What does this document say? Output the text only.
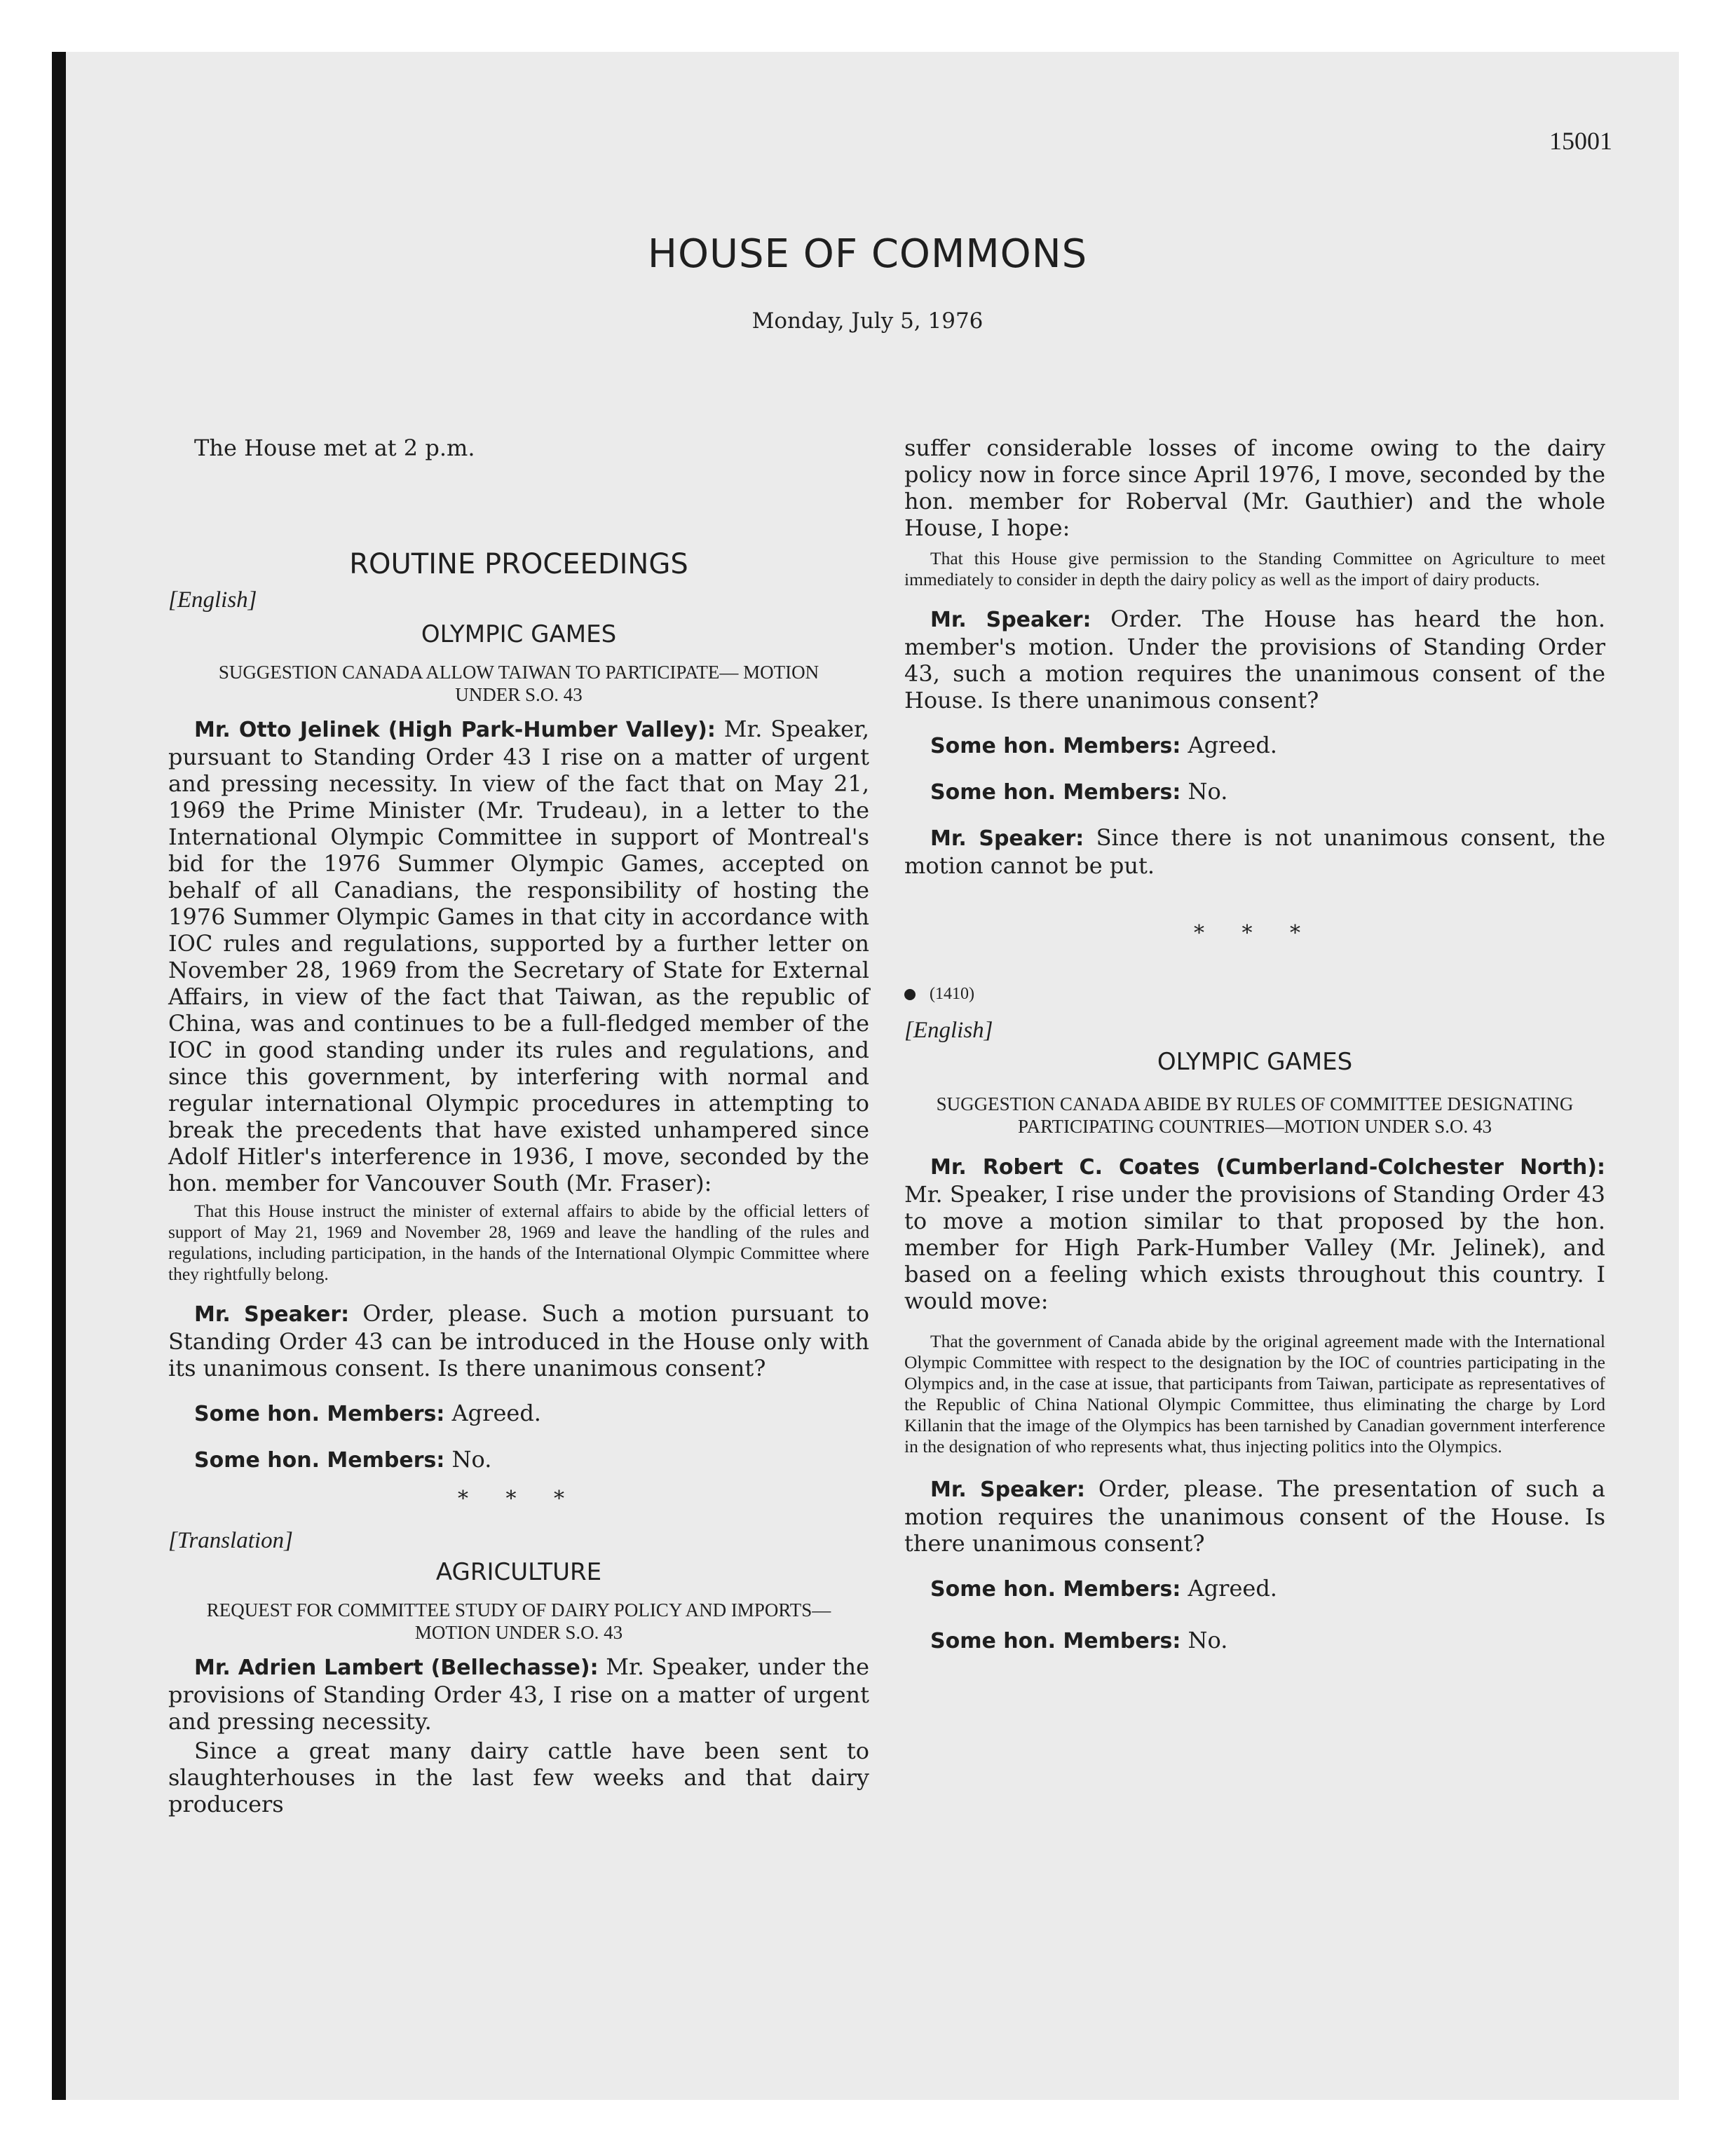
15001
HOUSE OF COMMONS
Monday, July 5, 1976

The House met at 2 p.m.

ROUTINE PROCEEDINGS

[English]

OLYMPIC GAMES

SUGGESTION CANADA ALLOW TAIWAN TO PARTICIPATE— MOTION UNDER S.O. 43

Mr. Otto Jelinek (High Park-Humber Valley): Mr. Speaker, pursuant to Standing Order 43 I rise on a matter of urgent and pressing necessity. In view of the fact that on May 21, 1969 the Prime Minister (Mr. Trudeau), in a letter to the International Olympic Committee in support of Montreal's bid for the 1976 Summer Olympic Games, accepted on behalf of all Canadians, the responsibility of hosting the 1976 Summer Olympic Games in that city in accordance with IOC rules and regulations, supported by a further letter on November 28, 1969 from the Secretary of State for External Affairs, in view of the fact that Taiwan, as the republic of China, was and continues to be a full-fledged member of the IOC in good standing under its rules and regulations, and since this government, by interfering with normal and regular international Olympic procedures in attempting to break the precedents that have existed unhampered since Adolf Hitler's interference in 1936, I move, seconded by the hon. member for Vancouver South (Mr. Fraser):

That this House instruct the minister of external affairs to abide by the official letters of support of May 21, 1969 and November 28, 1969 and leave the handling of the rules and regulations, including participation, in the hands of the International Olympic Committee where they rightfully belong.

Mr. Speaker: Order, please. Such a motion pursuant to Standing Order 43 can be introduced in the House only with its unanimous consent. Is there unanimous consent?

Some hon. Members: Agreed.

Some hon. Members: No.

* * *

[Translation]

AGRICULTURE

REQUEST FOR COMMITTEE STUDY OF DAIRY POLICY AND IMPORTS—MOTION UNDER S.O. 43

Mr. Adrien Lambert (Bellechasse): Mr. Speaker, under the provisions of Standing Order 43, I rise on a matter of urgent and pressing necessity.

Since a great many dairy cattle have been sent to slaughterhouses in the last few weeks and that dairy producers

suffer considerable losses of income owing to the dairy policy now in force since April 1976, I move, seconded by the hon. member for Roberval (Mr. Gauthier) and the whole House, I hope:

That this House give permission to the Standing Committee on Agriculture to meet immediately to consider in depth the dairy policy as well as the import of dairy products.

Mr. Speaker: Order. The House has heard the hon. member's motion. Under the provisions of Standing Order 43, such a motion requires the unanimous consent of the House. Is there unanimous consent?

Some hon. Members: Agreed.

Some hon. Members: No.

Mr. Speaker: Since there is not unanimous consent, the motion cannot be put.

* * *

(1410)

[English]

OLYMPIC GAMES

SUGGESTION CANADA ABIDE BY RULES OF COMMITTEE DESIGNATING PARTICIPATING COUNTRIES—MOTION UNDER S.O. 43

Mr. Robert C. Coates (Cumberland-Colchester North): Mr. Speaker, I rise under the provisions of Standing Order 43 to move a motion similar to that proposed by the hon. member for High Park-Humber Valley (Mr. Jelinek), and based on a feeling which exists throughout this country. I would move:

That the government of Canada abide by the original agreement made with the International Olympic Committee with respect to the designation by the IOC of countries participating in the Olympics and, in the case at issue, that participants from Taiwan, participate as representatives of the Republic of China National Olympic Committee, thus eliminating the charge by Lord Killanin that the image of the Olympics has been tarnished by Canadian government interference in the designation of who represents what, thus injecting politics into the Olympics.

Mr. Speaker: Order, please. The presentation of such a motion requires the unanimous consent of the House. Is there unanimous consent?

Some hon. Members: Agreed.

Some hon. Members: No.
